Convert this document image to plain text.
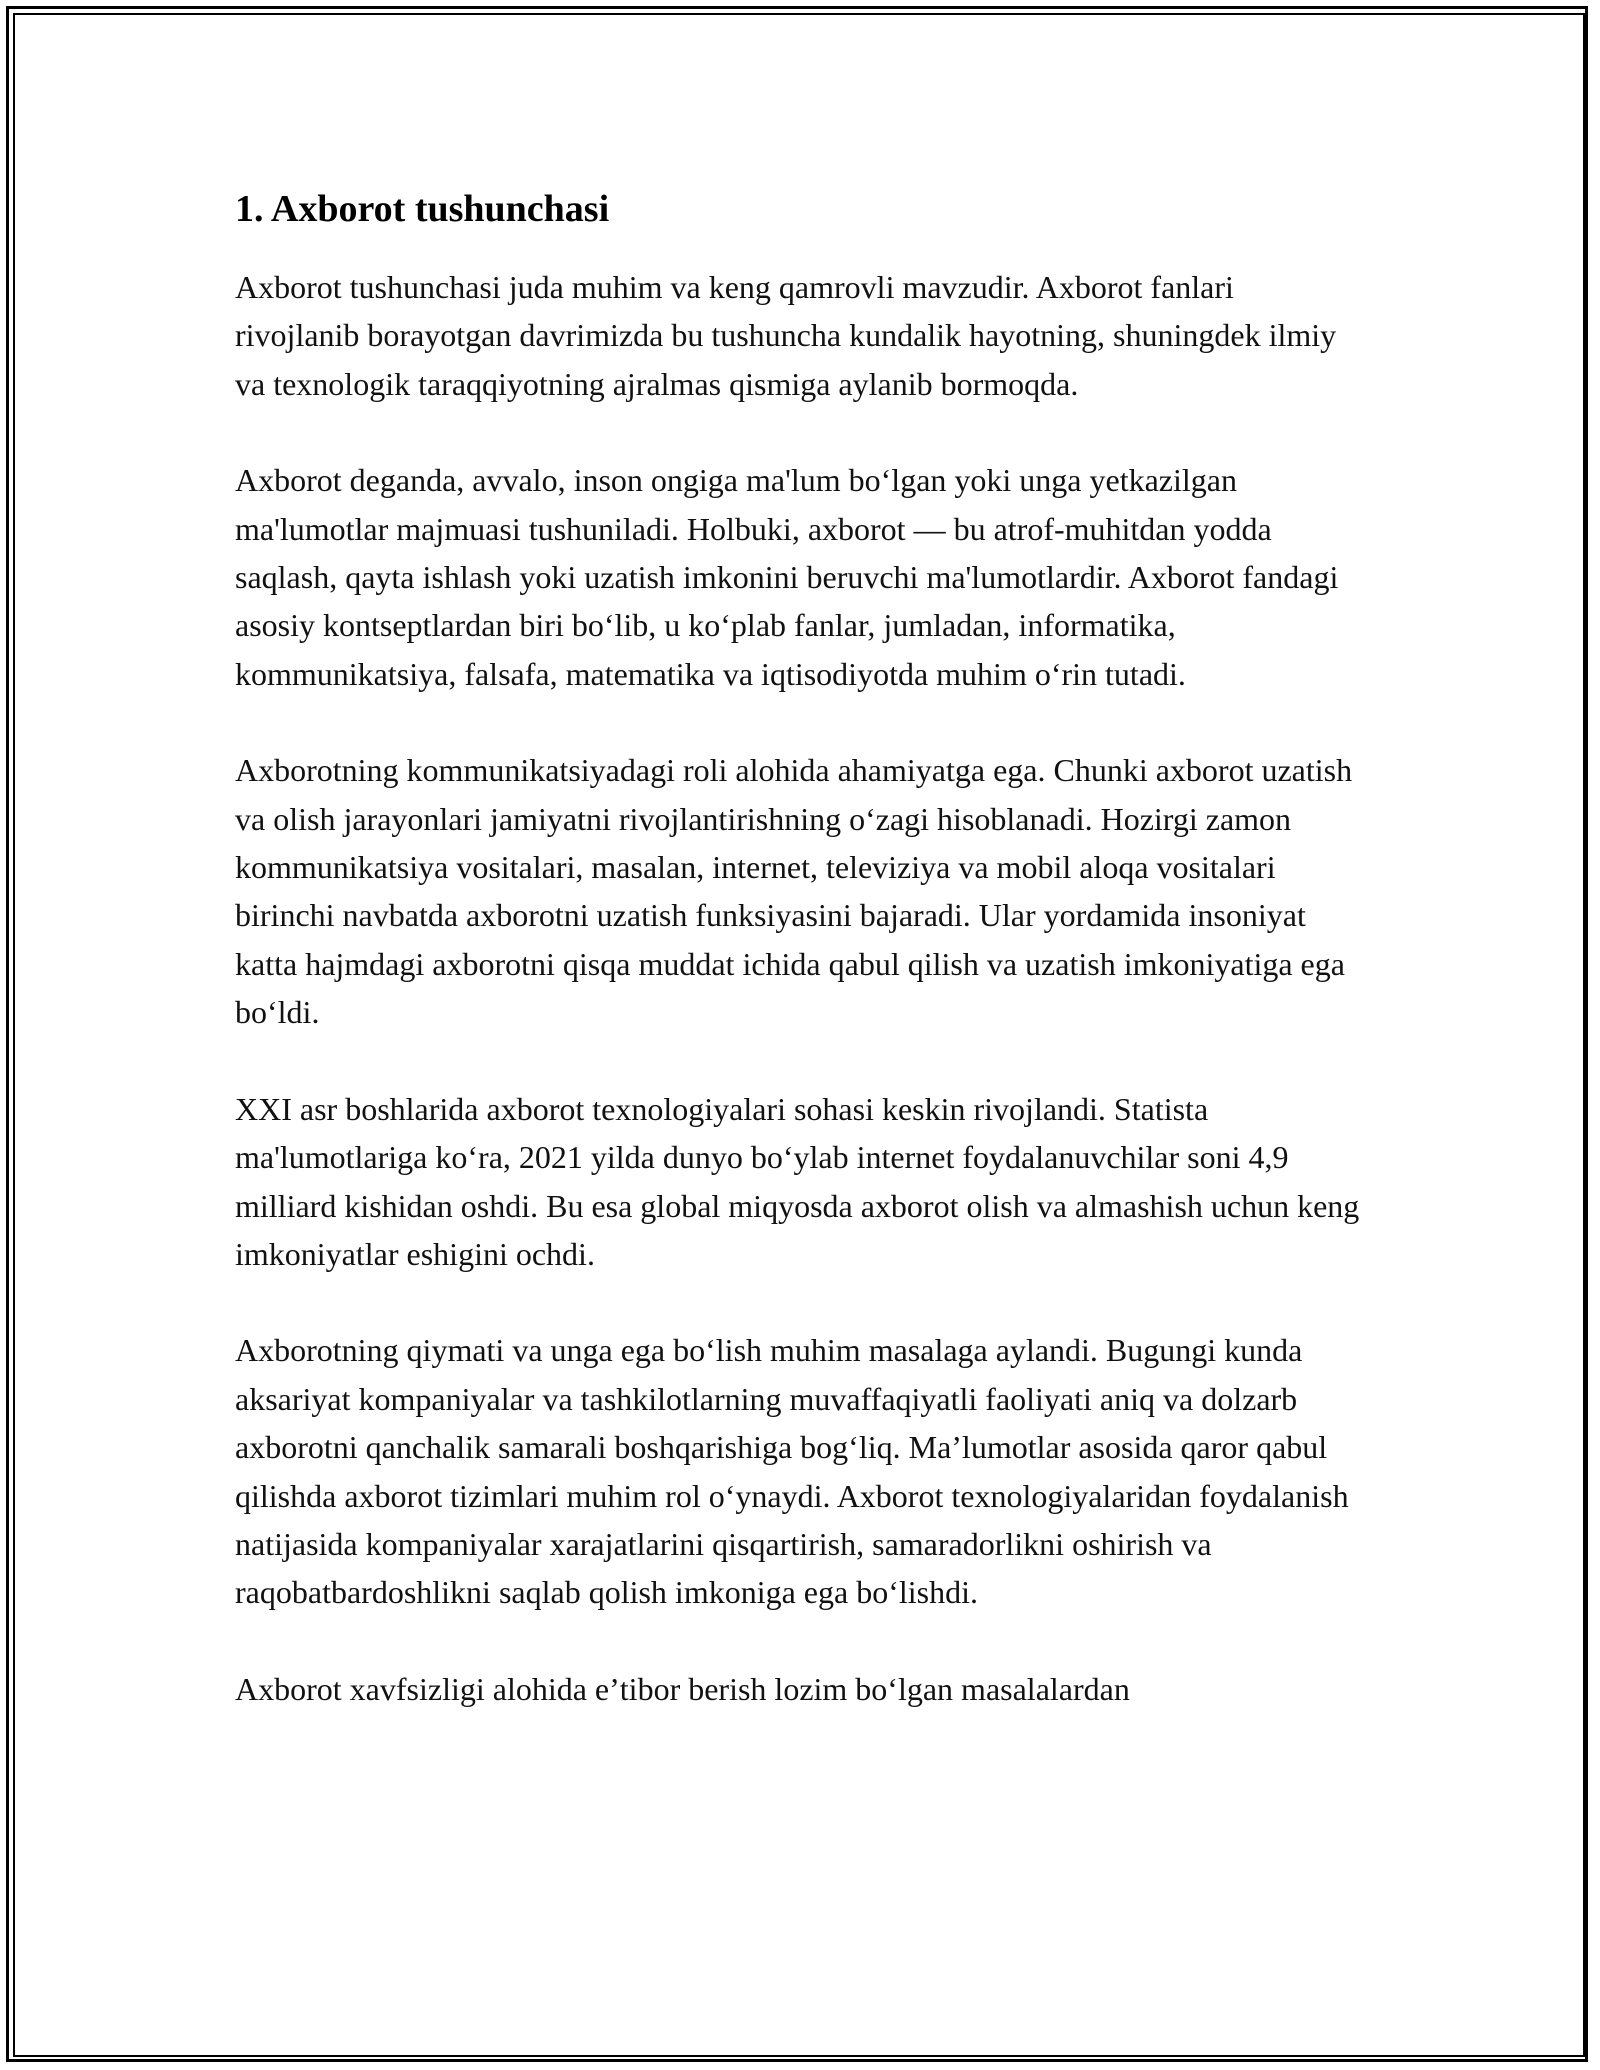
1. Axborot tushunchasi

Axborot tushunchasi juda muhim va keng qamrovli mavzudir. Axborot fanlari rivojlanib borayotgan davrimizda bu tushuncha kundalik hayotning, shuningdek ilmiy va texnologik taraqqiyotning ajralmas qismiga aylanib bormoqda.

Axborot deganda, avvalo, inson ongiga ma'lum boʻlgan yoki unga yetkazilgan ma'lumotlar majmuasi tushuniladi. Holbuki, axborot — bu atrof-muhitdan yodda saqlash, qayta ishlash yoki uzatish imkonini beruvchi ma'lumotlardir. Axborot fandagi asosiy kontseptlardan biri boʻlib, u koʻplab fanlar, jumladan, informatika, kommunikatsiya, falsafa, matematika va iqtisodiyotda muhim oʻrin tutadi.

Axborotning kommunikatsiyadagi roli alohida ahamiyatga ega. Chunki axborot uzatish va olish jarayonlari jamiyatni rivojlantirishning oʻzagi hisoblanadi. Hozirgi zamon kommunikatsiya vositalari, masalan, internet, televiziya va mobil aloqa vositalari birinchi navbatda axborotni uzatish funksiyasini bajaradi. Ular yordamida insoniyat katta hajmdagi axborotni qisqa muddat ichida qabul qilish va uzatish imkoniyatiga ega boʻldi.

XXI asr boshlarida axborot texnologiyalari sohasi keskin rivojlandi. Statista ma'lumotlariga koʻra, 2021 yilda dunyo boʻylab internet foydalanuvchilar soni 4,9 milliard kishidan oshdi. Bu esa global miqyosda axborot olish va almashish uchun keng imkoniyatlar eshigini ochdi.

Axborotning qiymati va unga ega boʻlish muhim masalaga aylandi. Bugungi kunda aksariyat kompaniyalar va tashkilotlarning muvaffaqiyatli faoliyati aniq va dolzarb axborotni qanchalik samarali boshqarishiga bogʻliq. Maʼlumotlar asosida qaror qabul qilishda axborot tizimlari muhim rol oʻynaydi. Axborot texnologiyalaridan foydalanish natijasida kompaniyalar xarajatlarini qisqartirish, samaradorlikni oshirish va raqobatbardoshlikni saqlab qolish imkoniga ega boʻlishdi.

Axborot xavfsizligi alohida eʼtibor berish lozim boʻlgan masalalardan
